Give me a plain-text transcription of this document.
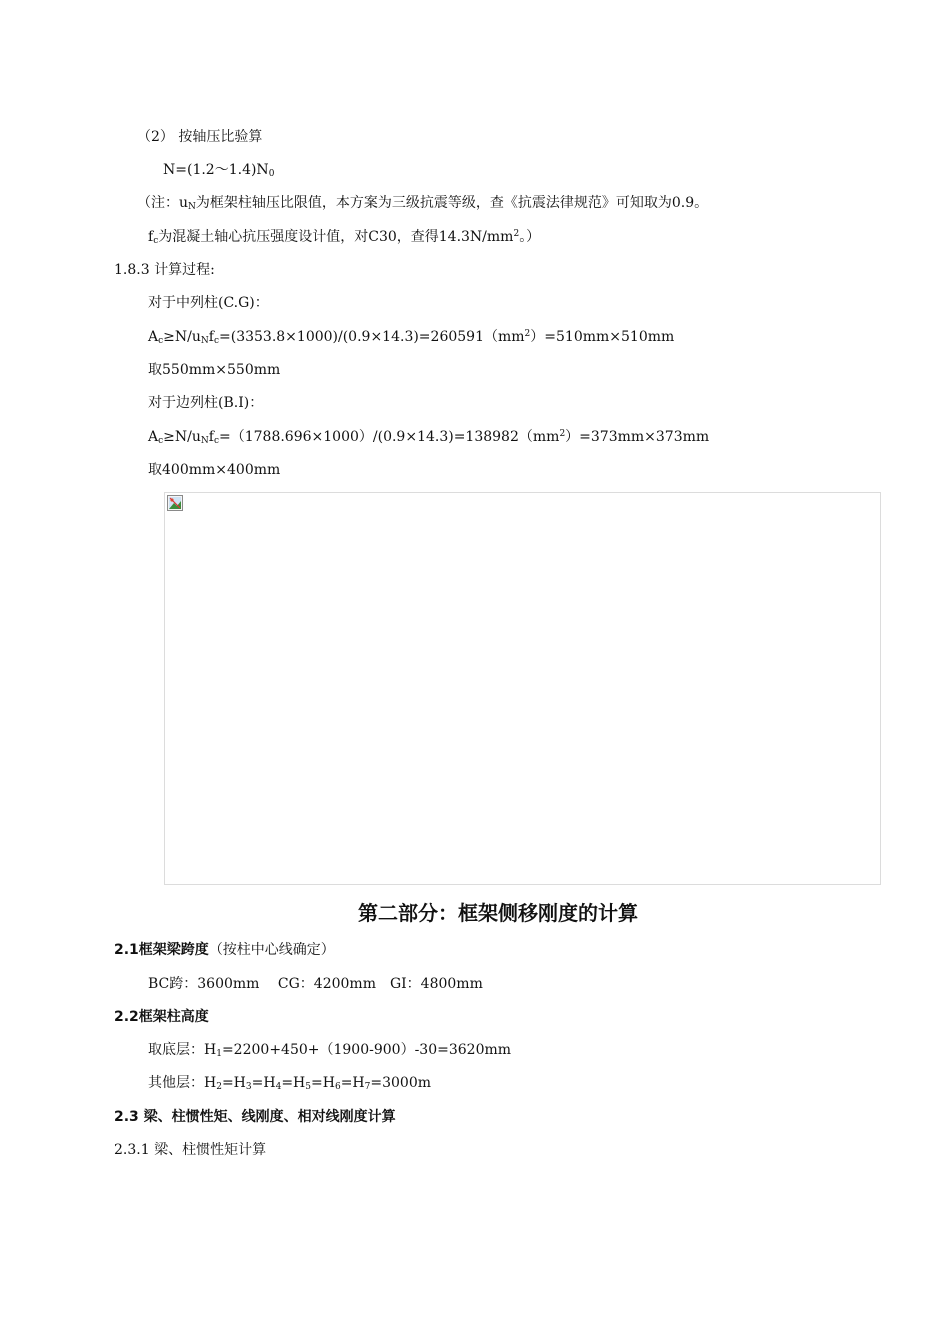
（2） 按轴压比验算
$N=(1.2\sim 1.4)N_0$
（注：$u_N$为框架柱轴压比限值，本方案为三级抗震等级，查《抗震法律规范》可知取为0.9。
$f_c$为混凝土轴心抗压强度设计值，对C30，查得$14.3N/mm^2$。）
1.8.3 计算过程:
对于中列柱(C.G)：
$A_c\ge N/u_Nf_c=(3353.8\times 1000)/(0.9\times 14.3)=260591(mm^2)=510mm\times 510mm$
取550mm×550mm
对于边列柱(B.I)：
$A_c\ge N/u_Nf_c=(1788.696\times 1000)/(0.9\times 14.3)=138982(mm^2)=373mm\times 373mm$
取400mm×400mm
第二部分：框架侧移刚度的计算
2.1框架梁跨度（按柱中心线确定）
BC跨：3600mm　 CG：4200mm　GI：4800mm
2.2框架柱高度
取底层：$H_1=2200+450+(1900-900)-30=3620mm$
其他层：$H_2=H_3=H_4=H_5=H_6=H_7=3000m$
2.3 梁、柱惯性矩、线刚度、相对线刚度计算
2.3.1 梁、柱惯性矩计算
